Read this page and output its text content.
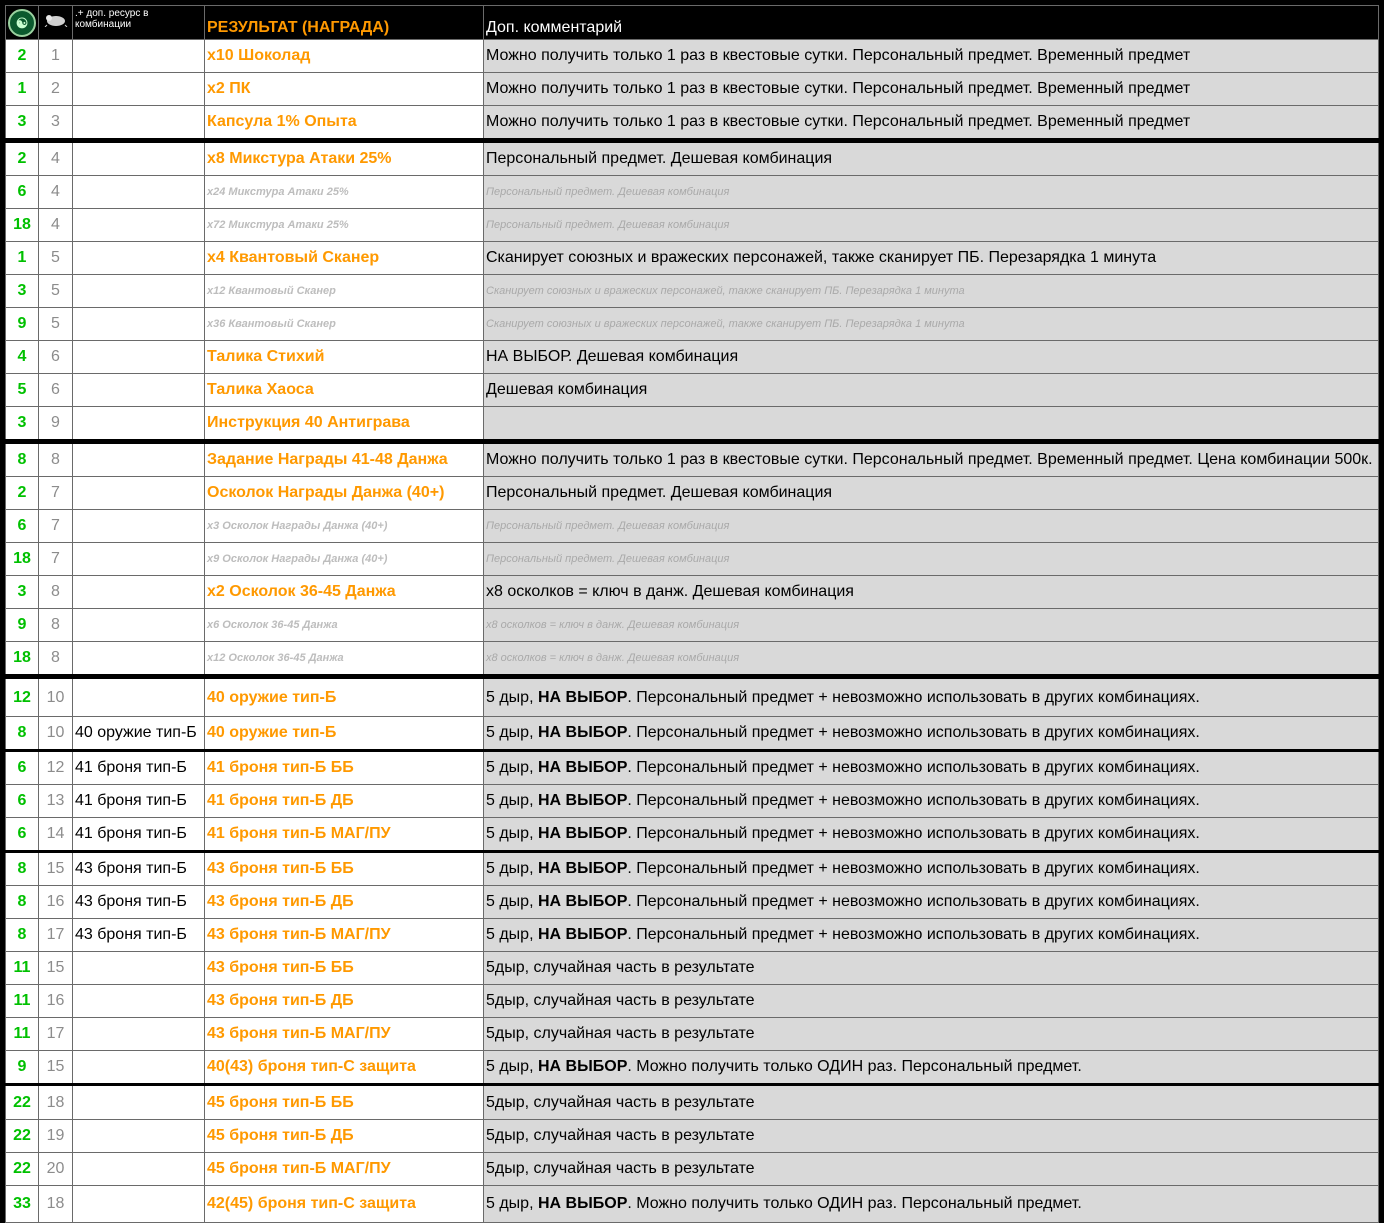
☯		.+ доп. ресурс в комбинации	РЕЗУЛЬТАТ (НАГРАДА)	Доп. комментарий
2	1		x10 Шоколад	Можно получить только 1 раз в квестовые сутки. Персональный предмет. Временный предмет
1	2		x2 ПК	Можно получить только 1 раз в квестовые сутки. Персональный предмет. Временный предмет
3	3		Капсула 1% Опыта	Можно получить только 1 раз в квестовые сутки. Персональный предмет. Временный предмет
2	4		x8 Микстура Атаки 25%	Персональный предмет. Дешевая комбинация
6	4		x24 Микстура Атаки 25%	Персональный предмет. Дешевая комбинация
18	4		x72 Микстура Атаки 25%	Персональный предмет. Дешевая комбинация
1	5		x4 Квантовый Сканер	Сканирует союзных и вражеских персонажей, также сканирует ПБ. Перезарядка 1 минута
3	5		x12 Квантовый Сканер	Сканирует союзных и вражеских персонажей, также сканирует ПБ. Перезарядка 1 минута
9	5		x36 Квантовый Сканер	Сканирует союзных и вражеских персонажей, также сканирует ПБ. Перезарядка 1 минута
4	6		Талика Стихий	НА ВЫБОР. Дешевая комбинация
5	6		Талика Хаоса	Дешевая комбинация
3	9		Инструкция 40 Антиграва	
8	8		Задание Награды 41-48 Данжа	Можно получить только 1 раз в квестовые сутки. Персональный предмет. Временный предмет. Цена комбинации 500к.
2	7		Осколок Награды Данжа (40+)	Персональный предмет. Дешевая комбинация
6	7		x3 Осколок Награды Данжа (40+)	Персональный предмет. Дешевая комбинация
18	7		x9 Осколок Награды Данжа (40+)	Персональный предмет. Дешевая комбинация
3	8		x2 Осколок 36-45 Данжа	x8 осколков = ключ в данж. Дешевая комбинация
9	8		x6 Осколок 36-45 Данжа	x8 осколков = ключ в данж. Дешевая комбинация
18	8		x12 Осколок 36-45 Данжа	x8 осколков = ключ в данж. Дешевая комбинация
12	10		40 оружие тип-Б	5 дыр, НА ВЫБОР. Персональный предмет + невозможно использовать в других комбинациях.
8	10	40 оружие тип-Б	40 оружие тип-Б	5 дыр, НА ВЫБОР. Персональный предмет + невозможно использовать в других комбинациях.
6	12	41 броня тип-Б	41 броня тип-Б ББ	5 дыр, НА ВЫБОР. Персональный предмет + невозможно использовать в других комбинациях.
6	13	41 броня тип-Б	41 броня тип-Б ДБ	5 дыр, НА ВЫБОР. Персональный предмет + невозможно использовать в других комбинациях.
6	14	41 броня тип-Б	41 броня тип-Б МАГ/ПУ	5 дыр, НА ВЫБОР. Персональный предмет + невозможно использовать в других комбинациях.
8	15	43 броня тип-Б	43 броня тип-Б ББ	5 дыр, НА ВЫБОР. Персональный предмет + невозможно использовать в других комбинациях.
8	16	43 броня тип-Б	43 броня тип-Б ДБ	5 дыр, НА ВЫБОР. Персональный предмет + невозможно использовать в других комбинациях.
8	17	43 броня тип-Б	43 броня тип-Б МАГ/ПУ	5 дыр, НА ВЫБОР. Персональный предмет + невозможно использовать в других комбинациях.
11	15		43 броня тип-Б ББ	5дыр, случайная часть в результате
11	16		43 броня тип-Б ДБ	5дыр, случайная часть в результате
11	17		43 броня тип-Б МАГ/ПУ	5дыр, случайная часть в результате
9	15		40(43) броня тип-С защита	5 дыр, НА ВЫБОР. Можно получить только ОДИН раз. Персональный предмет.
22	18		45 броня тип-Б ББ	5дыр, случайная часть в результате
22	19		45 броня тип-Б ДБ	5дыр, случайная часть в результате
22	20		45 броня тип-Б МАГ/ПУ	5дыр, случайная часть в результате
33	18		42(45) броня тип-С защита	5 дыр, НА ВЫБОР. Можно получить только ОДИН раз. Персональный предмет.
